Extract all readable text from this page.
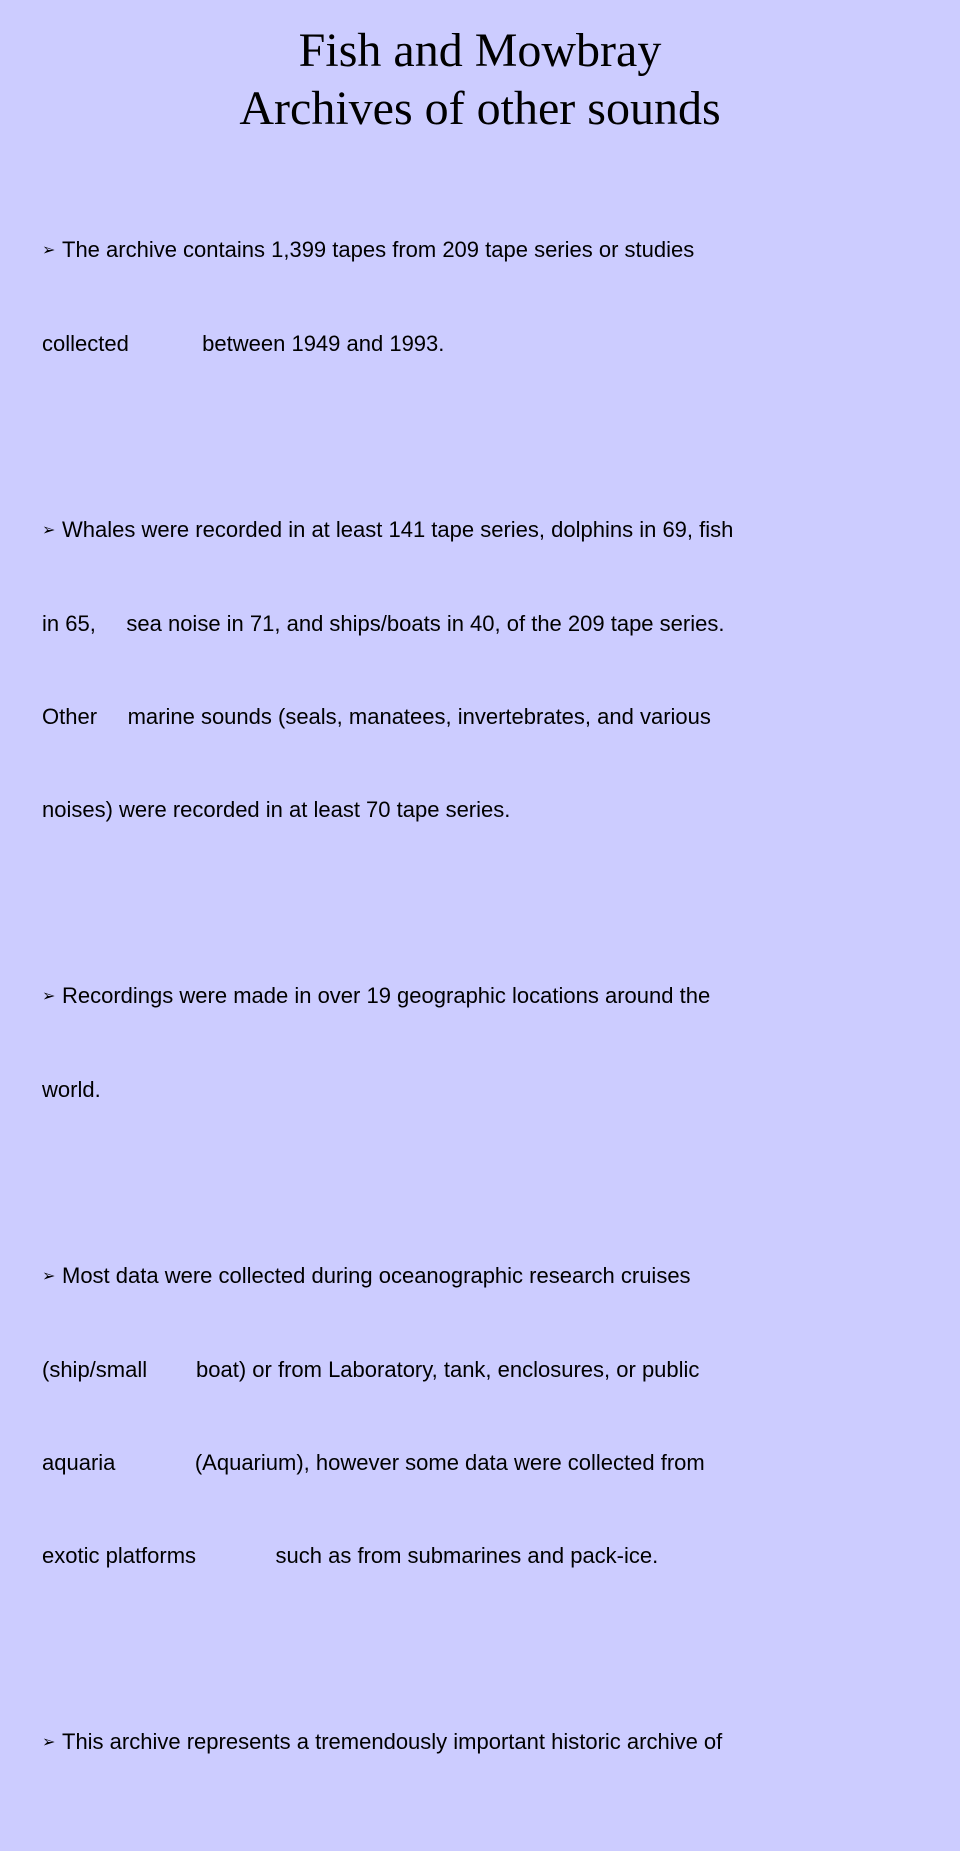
Fish and Mowbray
Archives of other sounds

➢ The archive contains 1,399 tapes from 209 tape series or studies

collected            between 1949 and 1993.

➢ Whales were recorded in at least 141 tape series, dolphins in 69, fish

in 65,     sea noise in 71, and ships/boats in 40, of the 209 tape series.

Other     marine sounds (seals, manatees, invertebrates, and various

noises) were recorded in at least 70 tape series.

➢ Recordings were made in over 19 geographic locations around the

world.

➢ Most data were collected during oceanographic research cruises

(ship/small        boat) or from Laboratory, tank, enclosures, or public

aquaria             (Aquarium), however some data were collected from

exotic platforms             such as from submarines and pack-ice.

➢ This archive represents a tremendously important historic archive of
